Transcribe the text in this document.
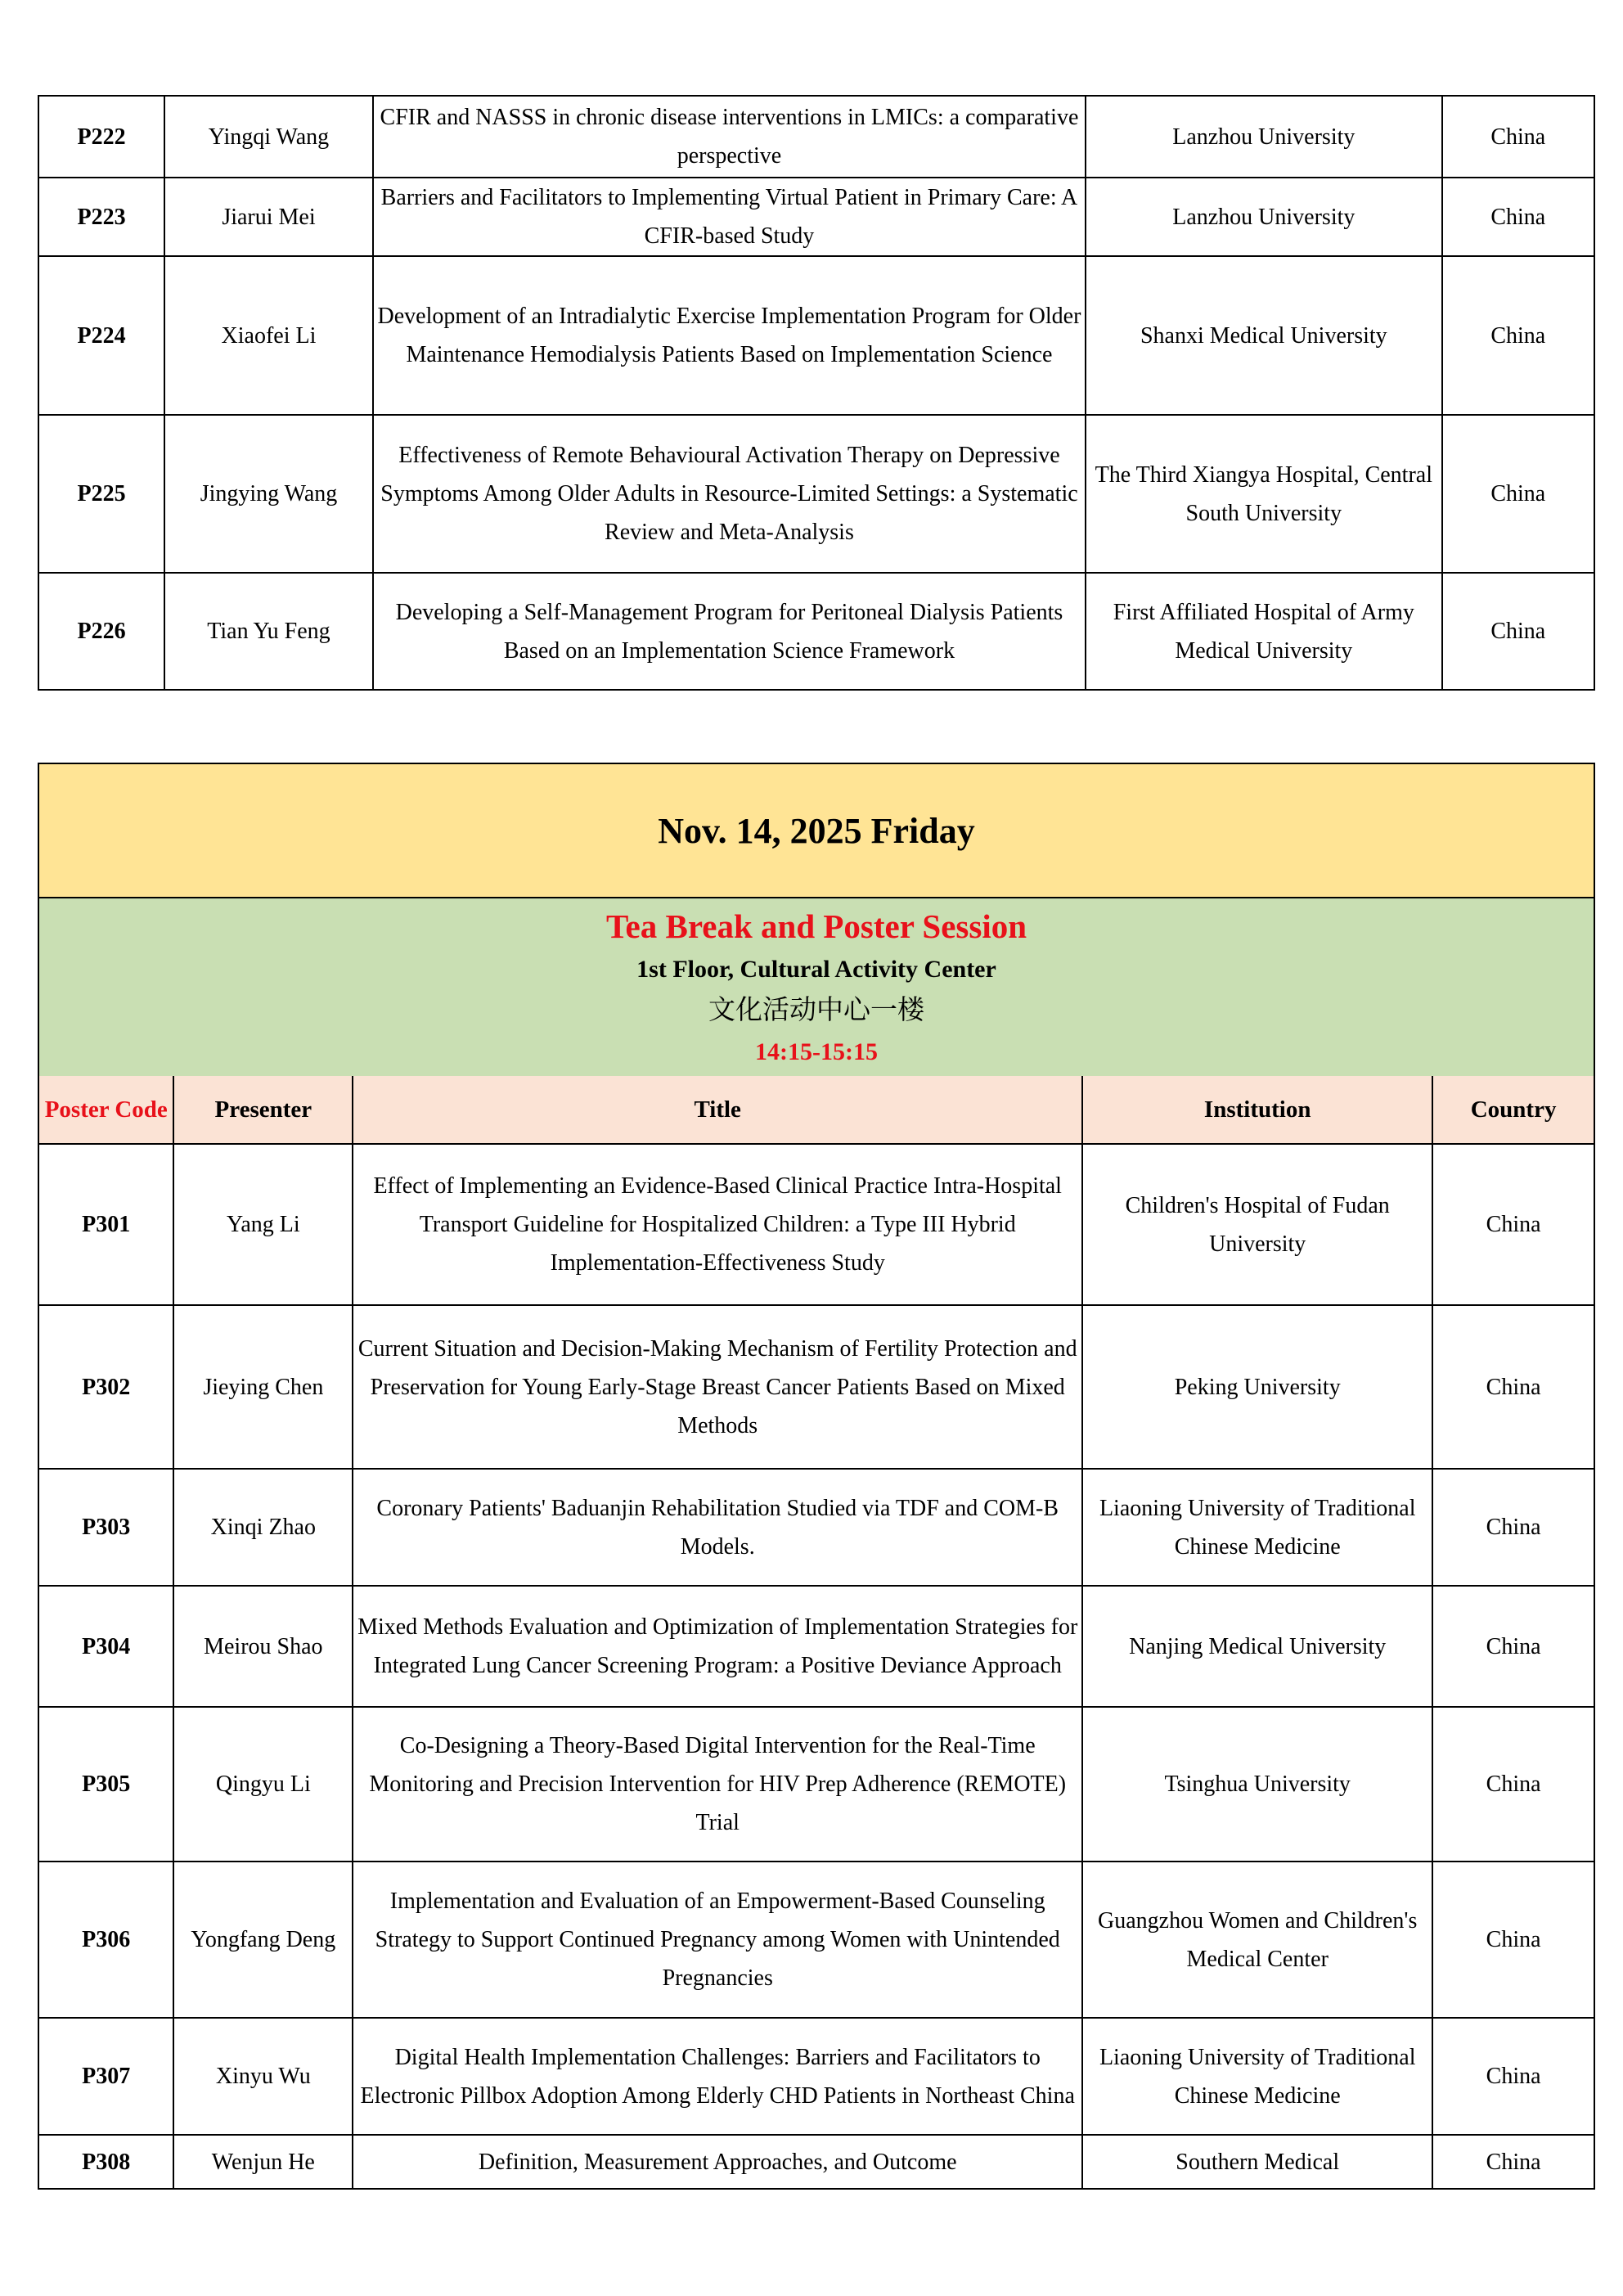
P222	Yingqi Wang	CFIR and NASSS in chronic disease interventions in LMICs: a comparative perspective	Lanzhou University	China
P223	Jiarui Mei	Barriers and Facilitators to Implementing Virtual Patient in Primary Care: A CFIR-based Study	Lanzhou University	China
P224	Xiaofei Li	Development of an Intradialytic Exercise Implementation Program for Older Maintenance Hemodialysis Patients Based on Implementation Science	Shanxi Medical University	China
P225	Jingying Wang	Effectiveness of Remote Behavioural Activation Therapy on Depressive Symptoms Among Older Adults in Resource-Limited Settings: a Systematic Review and Meta-Analysis	The Third Xiangya Hospital, Central South University	China
P226	Tian Yu Feng	Developing a Self-Management Program for Peritoneal Dialysis Patients Based on an Implementation Science Framework	First Affiliated Hospital of Army Medical University	China
Nov. 14, 2025 Friday
Tea Break and Poster Session
1st Floor, Cultural Activity Center
文化活动中心一楼
14:15-15:15
Poster Code	Presenter	Title	Institution	Country
P301	Yang Li	Effect of Implementing an Evidence-Based Clinical Practice Intra-Hospital Transport Guideline for Hospitalized Children: a Type III Hybrid Implementation-Effectiveness Study	Children's Hospital of Fudan University	China
P302	Jieying Chen	Current Situation and Decision-Making Mechanism of Fertility Protection and Preservation for Young Early-Stage Breast Cancer Patients Based on Mixed Methods	Peking University	China
P303	Xinqi Zhao	Coronary Patients' Baduanjin Rehabilitation Studied via TDF and COM-B Models.	Liaoning University of Traditional Chinese Medicine	China
P304	Meirou Shao	Mixed Methods Evaluation and Optimization of Implementation Strategies for Integrated Lung Cancer Screening Program: a Positive Deviance Approach	Nanjing Medical University	China
P305	Qingyu Li	Co-Designing a Theory-Based Digital Intervention for the Real-Time Monitoring and Precision Intervention for HIV Prep Adherence (REMOTE) Trial	Tsinghua University	China
P306	Yongfang Deng	Implementation and Evaluation of an Empowerment-Based Counseling Strategy to Support Continued Pregnancy among Women with Unintended Pregnancies	Guangzhou Women and Children's Medical Center	China
P307	Xinyu Wu	Digital Health Implementation Challenges: Barriers and Facilitators to Electronic Pillbox Adoption Among Elderly CHD Patients in Northeast China	Liaoning University of Traditional Chinese Medicine	China
P308	Wenjun He	Definition, Measurement Approaches, and Outcome	Southern Medical	China
